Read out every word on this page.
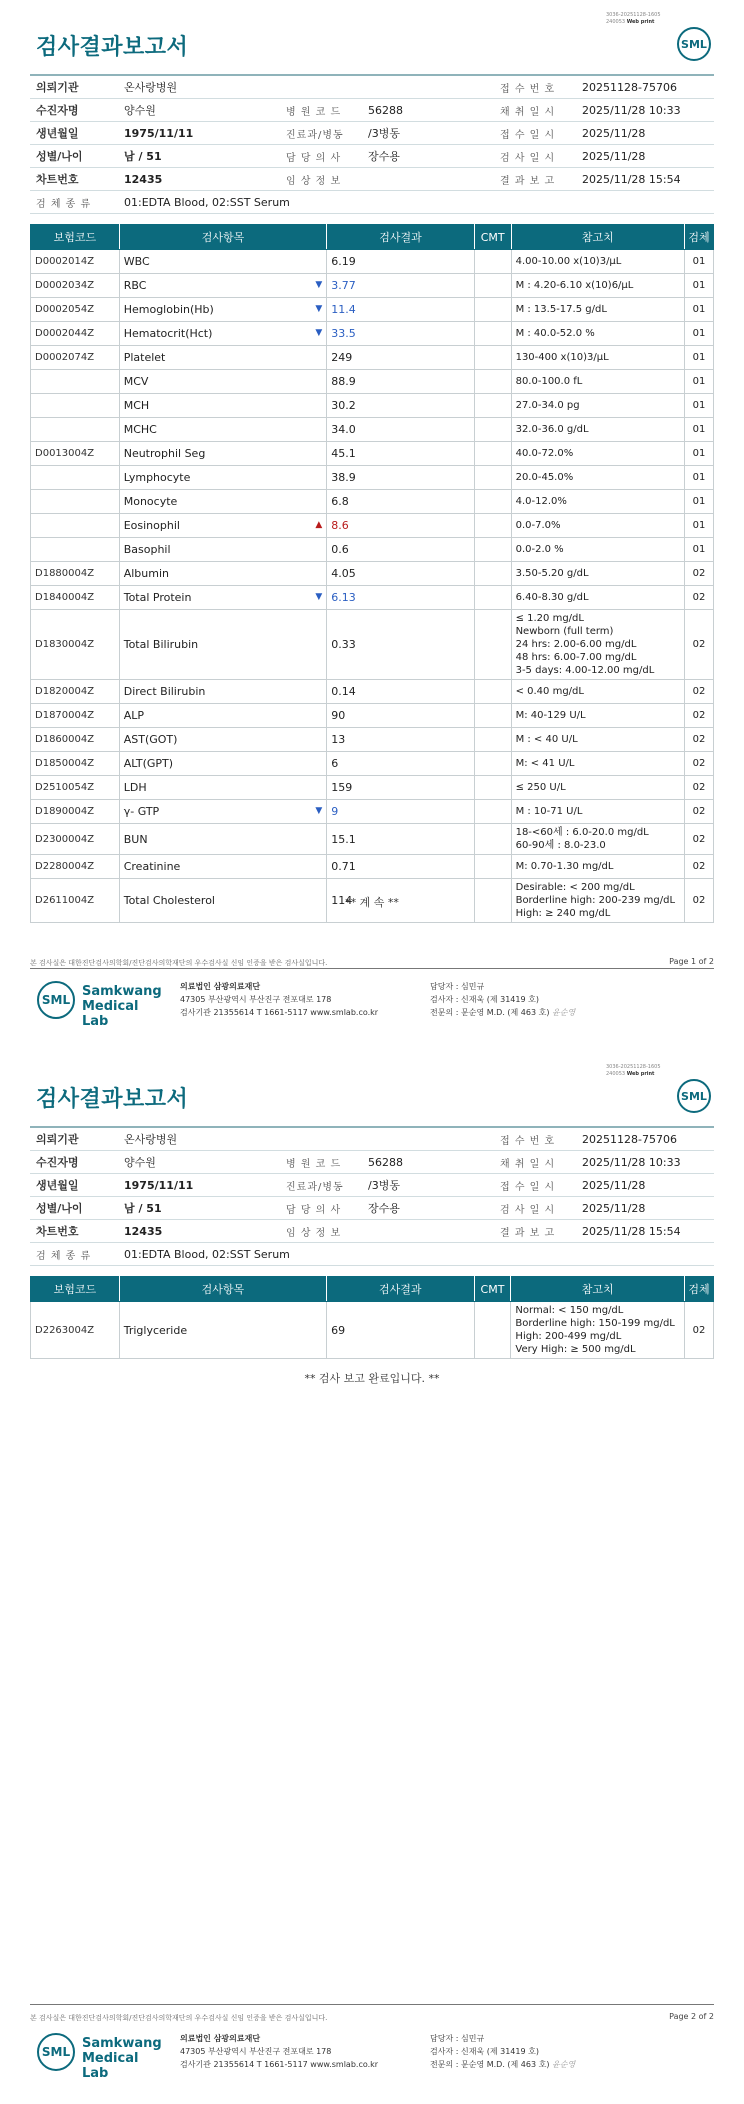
3036-20251128-1605
240053 Web print
검사결과보고서	SML
의뢰기관	온사랑병원			접 수 번 호	20251128-75706
수진자명	양수원	병 원 코 드	56288	채 취 일 시	2025/11/28 10:33
생년월일	1975/11/11	진료과/병동	/3병동	접 수 일 시	2025/11/28
성별/나이	남 / 51	담 당 의 사	장수용	검 사 일 시	2025/11/28
차트번호	12435	임 상 정 보		결 과 보 고	2025/11/28 15:54
검 체 종 류	01:EDTA Blood, 02:SST Serum				
보험코드	검사항목	검사결과	CMT	참고치	검체
D0002014Z	WBC	6.19		4.00-10.00 x(10)3/μL	01
D0002034Z	RBC ▼	3.77		M : 4.20-6.10 x(10)6/μL	01
D0002054Z	Hemoglobin(Hb) ▼	11.4		M : 13.5-17.5 g/dL	01
D0002044Z	Hematocrit(Hct) ▼	33.5		M : 40.0-52.0 %	01
D0002074Z	Platelet	249		130-400 x(10)3/μL	01
	MCV	88.9		80.0-100.0 fL	01
	MCH	30.2		27.0-34.0 pg	01
	MCHC	34.0		32.0-36.0 g/dL	01
D0013004Z	Neutrophil Seg	45.1		40.0-72.0%	01
	Lymphocyte	38.9		20.0-45.0%	01
	Monocyte	6.8		4.0-12.0%	01
	Eosinophil ▲	8.6		0.0-7.0%	01
	Basophil	0.6		0.0-2.0 %	01
D1880004Z	Albumin	4.05		3.50-5.20 g/dL	02
D1840004Z	Total Protein ▼	6.13		6.40-8.30 g/dL	02
D1830004Z	Total Bilirubin	0.33		≤ 1.20 mg/dL
Newborn (full term)
24 hrs: 2.00-6.00 mg/dL
48 hrs: 6.00-7.00 mg/dL
3-5 days: 4.00-12.00 mg/dL	02
D1820004Z	Direct Bilirubin	0.14		< 0.40 mg/dL	02
D1870004Z	ALP	90		M: 40-129 U/L	02
D1860004Z	AST(GOT)	13		M : < 40 U/L	02
D1850004Z	ALT(GPT)	6		M: < 41 U/L	02
D2510054Z	LDH	159		≤ 250 U/L	02
D1890004Z	γ- GTP ▼	9		M : 10-71 U/L	02
D2300004Z	BUN	15.1		18-<60세 : 6.0-20.0 mg/dL
60-90세 : 8.0-23.0	02
D2280004Z	Creatinine	0.71		M: 0.70-1.30 mg/dL	02
D2611004Z	Total Cholesterol	114		Desirable: < 200 mg/dL
Borderline high: 200-239 mg/dL
High: ≥ 240 mg/dL	02
** 계 속 **
본 검사실은 대한진단검사의학회/진단검사의학재단의 우수검사실 신임 인증을 받은 검사실입니다.	Page 1 of 2
SML
Samkwang
Medical Lab
의료법인 삼광의료재단
47305 부산광역시 부산진구 전포대로 178
검사기관 21355614 T 1661-5117 www.smlab.co.kr
담당자 : 심민규
검사자 : 신재욱 (제 31419 호)
전문의 : 문순영 M.D. (제 463 호) 윤순영
3036-20251128-1605
240053 Web print
검사결과보고서	SML
의뢰기관	온사랑병원			접 수 번 호	20251128-75706
수진자명	양수원	병 원 코 드	56288	채 취 일 시	2025/11/28 10:33
생년월일	1975/11/11	진료과/병동	/3병동	접 수 일 시	2025/11/28
성별/나이	남 / 51	담 당 의 사	장수용	검 사 일 시	2025/11/28
차트번호	12435	임 상 정 보		결 과 보 고	2025/11/28 15:54
검 체 종 류	01:EDTA Blood, 02:SST Serum				
보험코드	검사항목	검사결과	CMT	참고치	검체
D2263004Z	Triglyceride	69		Normal: < 150 mg/dL
Borderline high: 150-199 mg/dL
High: 200-499 mg/dL
Very High: ≥ 500 mg/dL	02
** 검사 보고 완료입니다. **
본 검사실은 대한진단검사의학회/진단검사의학재단의 우수검사실 신임 인증을 받은 검사실입니다.	Page 2 of 2
SML
Samkwang
Medical Lab
의료법인 삼광의료재단
47305 부산광역시 부산진구 전포대로 178
검사기관 21355614 T 1661-5117 www.smlab.co.kr
담당자 : 심민규
검사자 : 신재욱 (제 31419 호)
전문의 : 문순영 M.D. (제 463 호) 윤순영
